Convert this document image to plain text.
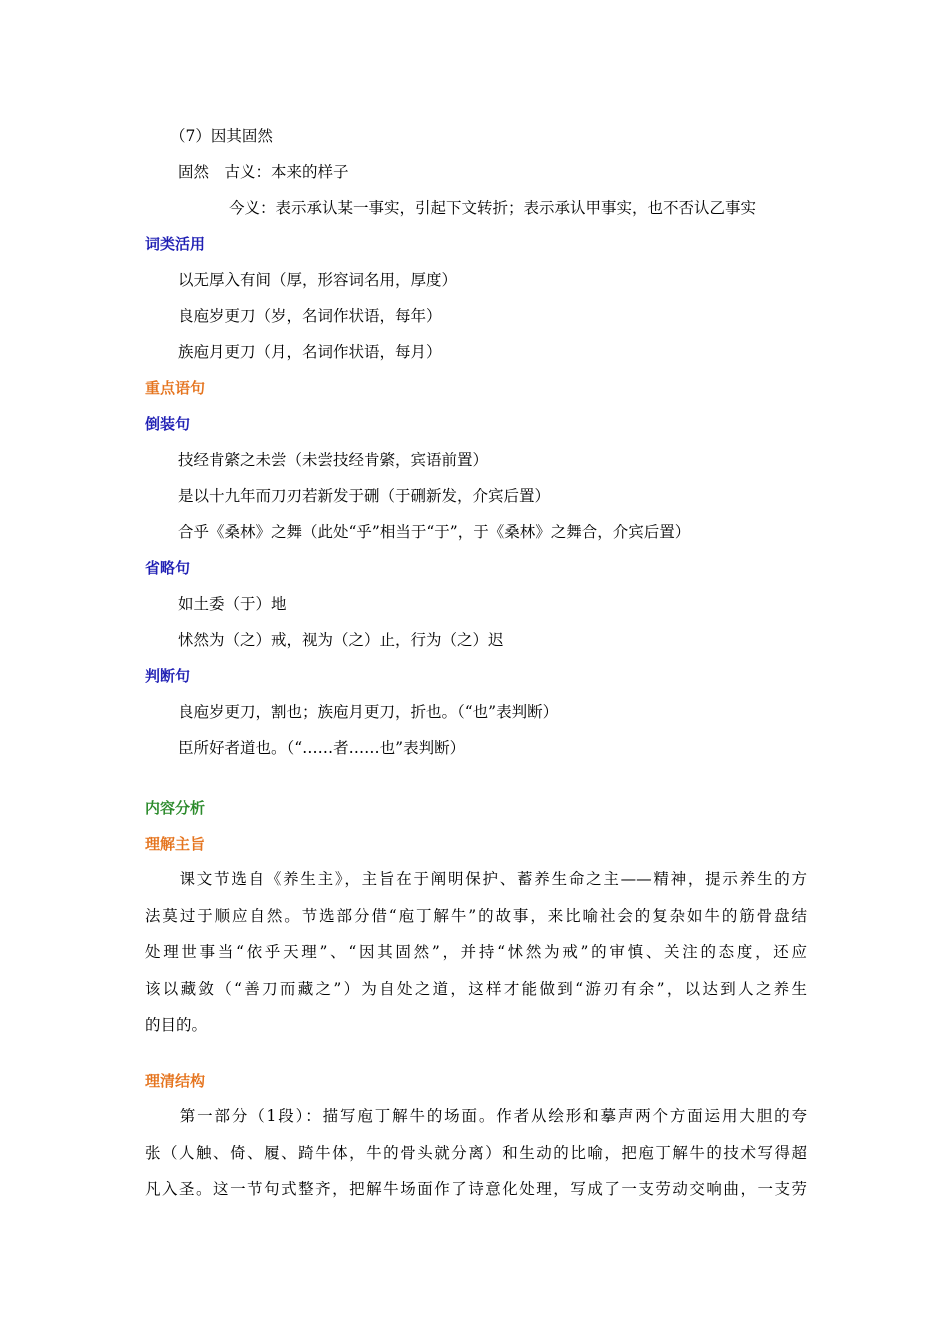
（7）因其固然
固然　古义：本来的样子
今义：表示承认某一事实，引起下文转折；表示承认甲事实，也不否认乙事实
词类活用
以无厚入有间（厚，形容词名用，厚度）
良庖岁更刀（岁，名词作状语，每年）
族庖月更刀（月，名词作状语，每月）
重点语句
倒装句
技经肯綮之未尝（未尝技经肯綮，宾语前置）
是以十九年而刀刃若新发于硎（于硎新发，介宾后置）
合乎《桑林》之舞（此处“乎”相当于“于”，于《桑林》之舞合，介宾后置）
省略句
如土委（于）地
怵然为（之）戒，视为（之）止，行为（之）迟
判断句
良庖岁更刀，割也；族庖月更刀，折也。（“也”表判断）
臣所好者道也。（“……者……也”表判断）
内容分析
理解主旨
　　课文节选自《养生主》，主旨在于阐明保护、蓄养生命之主——精神，提示养生的方
法莫过于顺应自然。节选部分借“庖丁解牛”的故事，来比喻社会的复杂如牛的筋骨盘结
处理世事当“依乎天理”、“因其固然”，并持“怵然为戒”的审慎、关注的态度，还应
该以藏敛（“善刀而藏之”）为自处之道，这样才能做到“游刃有余”，以达到人之养生
的目的。
理清结构
　　第一部分（1段）：描写庖丁解牛的场面。作者从绘形和摹声两个方面运用大胆的夸
张（人触、倚、履、踦牛体，牛的骨头就分离）和生动的比喻，把庖丁解牛的技术写得超
凡入圣。这一节句式整齐，把解牛场面作了诗意化处理，写成了一支劳动交响曲，一支劳
